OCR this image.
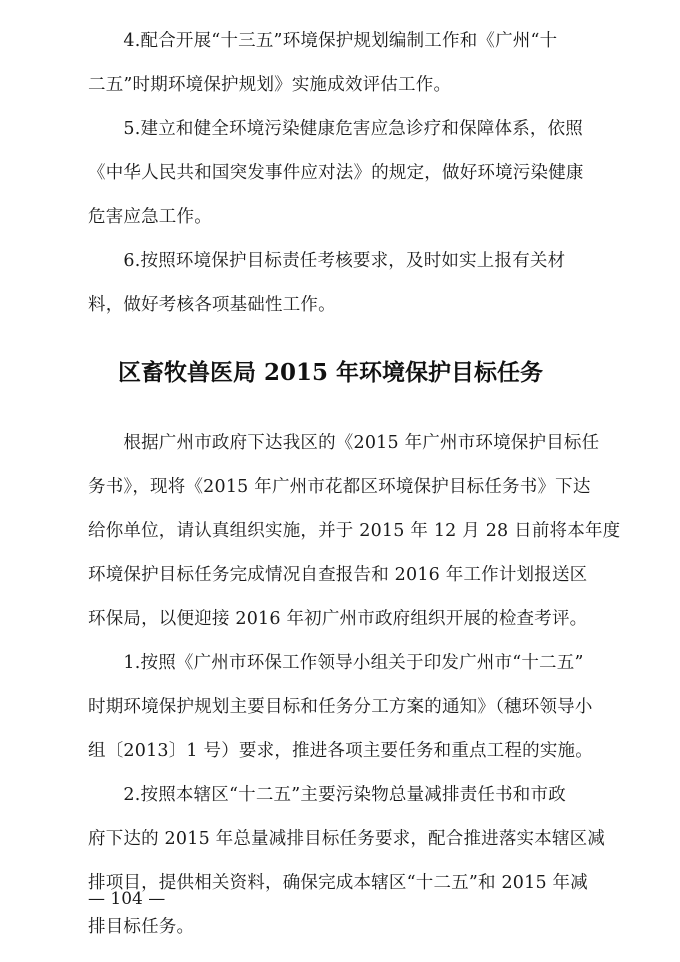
　　4.配合开展“十三五”环境保护规划编制工作和《广州“十
二五”时期环境保护规划》实施成效评估工作。
　　5.建立和健全环境污染健康危害应急诊疗和保障体系，依照
《中华人民共和国突发事件应对法》的规定，做好环境污染健康
危害应急工作。
　　6.按照环境保护目标责任考核要求，及时如实上报有关材
料，做好考核各项基础性工作。
区畜牧兽医局 2015 年环境保护目标任务
　　根据广州市政府下达我区的《2015 年广州市环境保护目标任
务书》，现将《2015 年广州市花都区环境保护目标任务书》下达
给你单位，请认真组织实施，并于 2015 年 12 月 28 日前将本年度
环境保护目标任务完成情况自查报告和 2016 年工作计划报送区
环保局，以便迎接 2016 年初广州市政府组织开展的检查考评。
　　1.按照《广州市环保工作领导小组关于印发广州市“十二五”
时期环境保护规划主要目标和任务分工方案的通知》（穗环领导小
组〔2013〕1 号）要求，推进各项主要任务和重点工程的实施。
　　2.按照本辖区“十二五”主要污染物总量减排责任书和市政
府下达的 2015 年总量减排目标任务要求，配合推进落实本辖区减
排项目，提供相关资料，确保完成本辖区“十二五”和 2015 年减
排目标任务。
— 104 —
